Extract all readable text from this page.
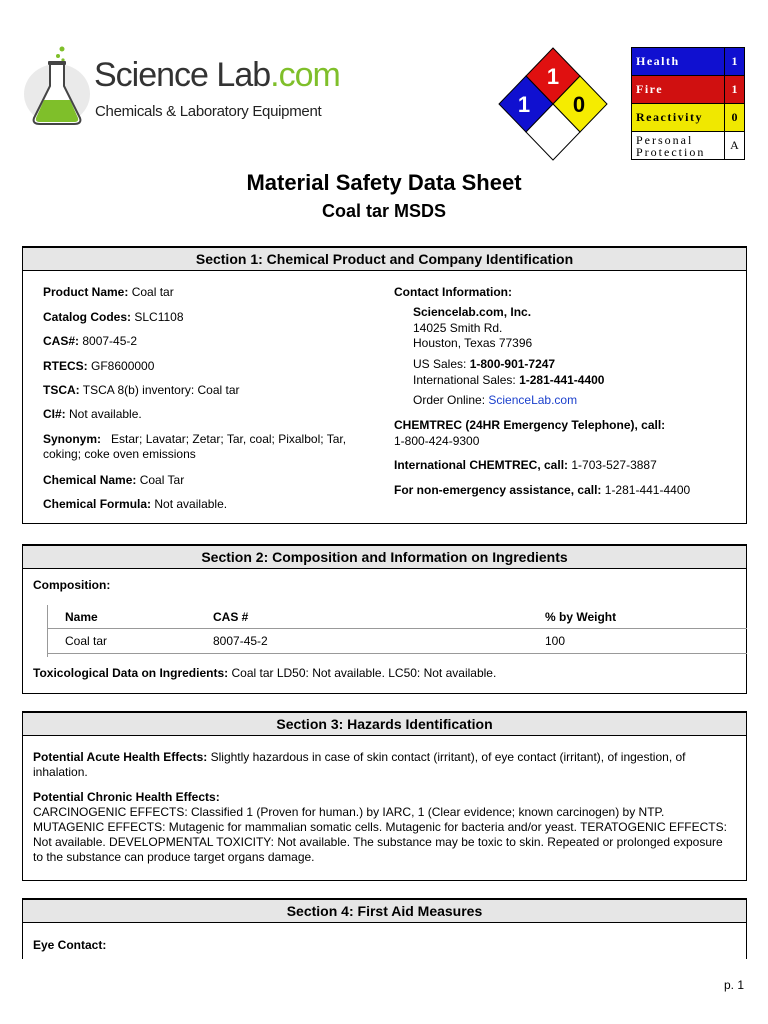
Science Lab.com
Chemicals & Laboratory Equipment
1
1 0
Health	1
Fire	1
Reactivity	0
Personal
Protection	A
Material Safety Data Sheet
Coal tar MSDS
Section 1: Chemical Product and Company Identification
Product Name: Coal tar
Catalog Codes: SLC1108
CAS#: 8007-45-2
RTECS: GF8600000
TSCA: TSCA 8(b) inventory: Coal tar
CI#: Not available.
Synonym: Estar; Lavatar; Zetar; Tar, coal; Pixalbol; Tar, coking; coke oven emissions
Chemical Name: Coal Tar
Chemical Formula: Not available.
Contact Information:
Sciencelab.com, Inc.
14025 Smith Rd.
Houston, Texas 77396
US Sales: 1-800-901-7247
International Sales: 1-281-441-4400
Order Online: ScienceLab.com
CHEMTREC (24HR Emergency Telephone), call:
1-800-424-9300
International CHEMTREC, call: 1-703-527-3887
For non-emergency assistance, call: 1-281-441-4400
Section 2: Composition and Information on Ingredients
Composition:
Name	CAS #	% by Weight
Coal tar	8007-45-2	100
Toxicological Data on Ingredients: Coal tar LD50: Not available. LC50: Not available.
Section 3: Hazards Identification
Potential Acute Health Effects: Slightly hazardous in case of skin contact (irritant), of eye contact (irritant), of ingestion, of inhalation.
Potential Chronic Health Effects:
CARCINOGENIC EFFECTS: Classified 1 (Proven for human.) by IARC, 1 (Clear evidence; known carcinogen) by NTP. MUTAGENIC EFFECTS: Mutagenic for mammalian somatic cells. Mutagenic for bacteria and/or yeast. TERATOGENIC EFFECTS: Not available. DEVELOPMENTAL TOXICITY: Not available. The substance may be toxic to skin. Repeated or prolonged exposure to the substance can produce target organs damage.
Section 4: First Aid Measures
Eye Contact:
p. 1
